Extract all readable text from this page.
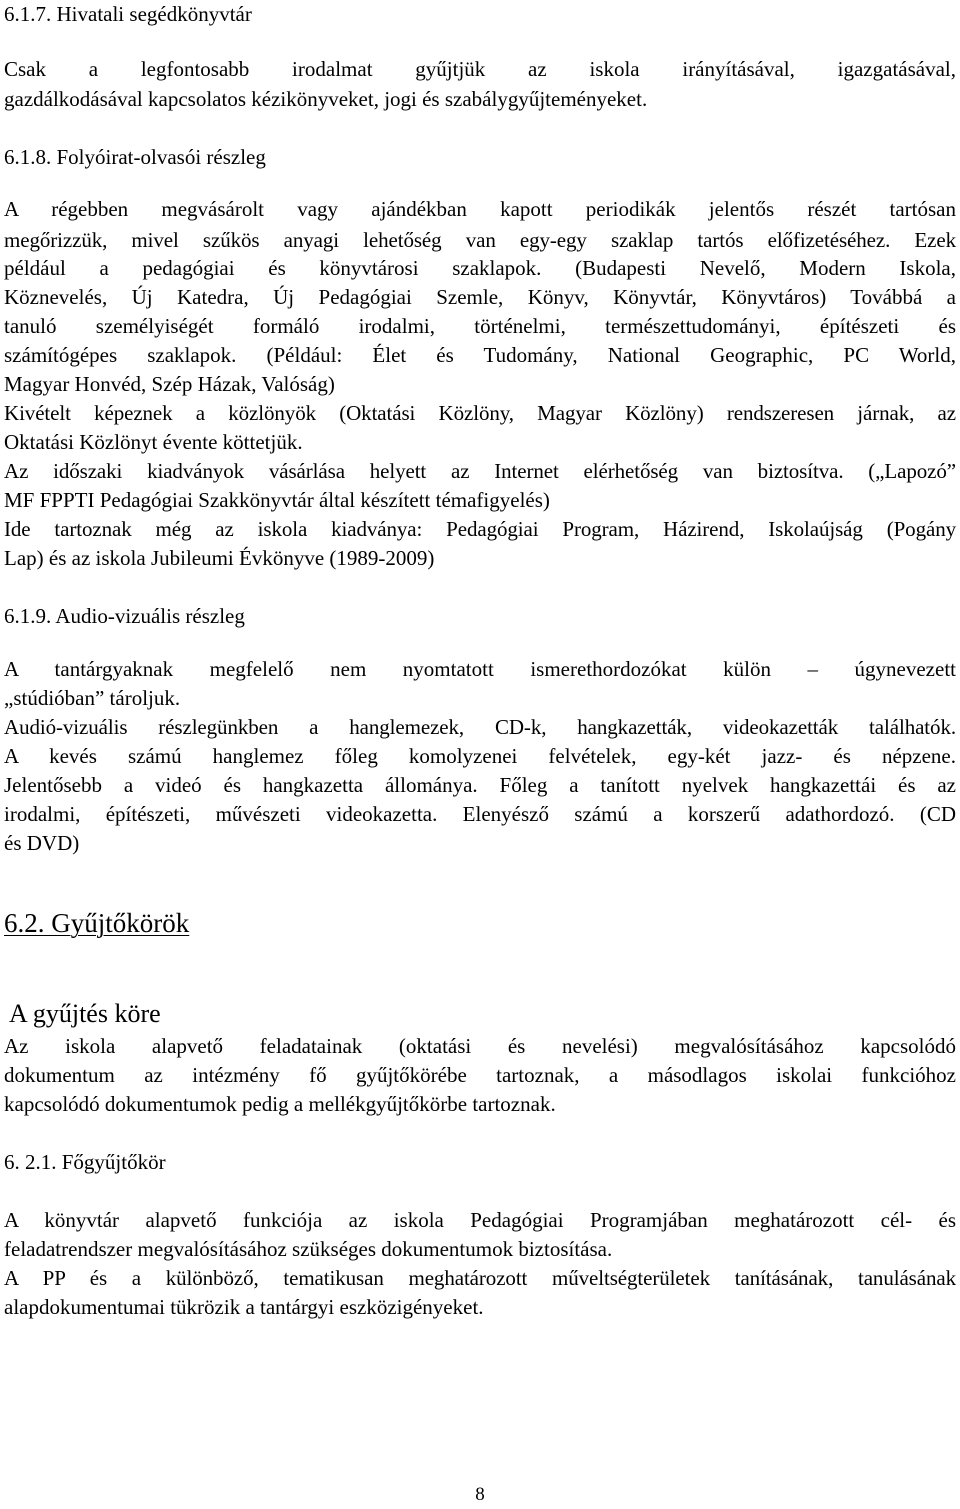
6.1.7. Hivatali segédkönyvtár
Csak a legfontosabb irodalmat gyűjtjük az iskola irányításával, igazgatásával,
gazdálkodásával kapcsolatos kézikönyveket, jogi és szabálygyűjteményeket.
6.1.8. Folyóirat-olvasói részleg
A régebben megvásárolt vagy ajándékban kapott periodikák jelentős részét tartósan
megőrizzük, mivel szűkös anyagi lehetőség van egy-egy szaklap tartós előfizetéséhez. Ezek
például a pedagógiai és könyvtárosi szaklapok. (Budapesti Nevelő, Modern Iskola,
Köznevelés, Új Katedra, Új Pedagógiai Szemle, Könyv, Könyvtár, Könyvtáros) Továbbá a
tanuló személyiségét formáló irodalmi, történelmi, természettudományi, építészeti és
számítógépes szaklapok. (Például: Élet és Tudomány, National Geographic, PC World,
Magyar Honvéd, Szép Házak, Valóság)
Kivételt képeznek a közlönyök (Oktatási Közlöny, Magyar Közlöny) rendszeresen járnak, az
Oktatási Közlönyt évente köttetjük.
Az időszaki kiadványok vásárlása helyett az Internet elérhetőség van biztosítva. („Lapozó”
MF FPPTI Pedagógiai Szakkönyvtár által készített témafigyelés)
Ide tartoznak még az iskola kiadványa: Pedagógiai Program, Házirend, Iskolaújság (Pogány
Lap) és az iskola Jubileumi Évkönyve (1989-2009)
6.1.9. Audio-vizuális részleg
A tantárgyaknak megfelelő nem nyomtatott ismerethordozókat külön – úgynevezett
„stúdióban” tároljuk.
Audió-vizuális részlegünkben a hanglemezek, CD-k, hangkazetták, videokazetták találhatók.
A kevés számú hanglemez főleg komolyzenei felvételek, egy-két jazz- és népzene.
Jelentősebb a videó és hangkazetta állománya. Főleg a tanított nyelvek hangkazettái és az
irodalmi, építészeti, művészeti videokazetta. Elenyésző számú a korszerű adathordozó. (CD
és DVD)
6.2. Gyűjtőkörök
A gyűjtés köre
Az iskola alapvető feladatainak (oktatási és nevelési) megvalósításához kapcsolódó
dokumentum az intézmény fő gyűjtőkörébe tartoznak, a másodlagos iskolai funkcióhoz
kapcsolódó dokumentumok pedig a mellékgyűjtőkörbe tartoznak.
6. 2.1. Főgyűjtőkör
A könyvtár alapvető funkciója az iskola Pedagógiai Programjában meghatározott cél- és
feladatrendszer megvalósításához szükséges dokumentumok biztosítása.
A PP és a különböző, tematikusan meghatározott műveltségterületek tanításának, tanulásának
alapdokumentumai tükrözik a tantárgyi eszközigényeket.
8
